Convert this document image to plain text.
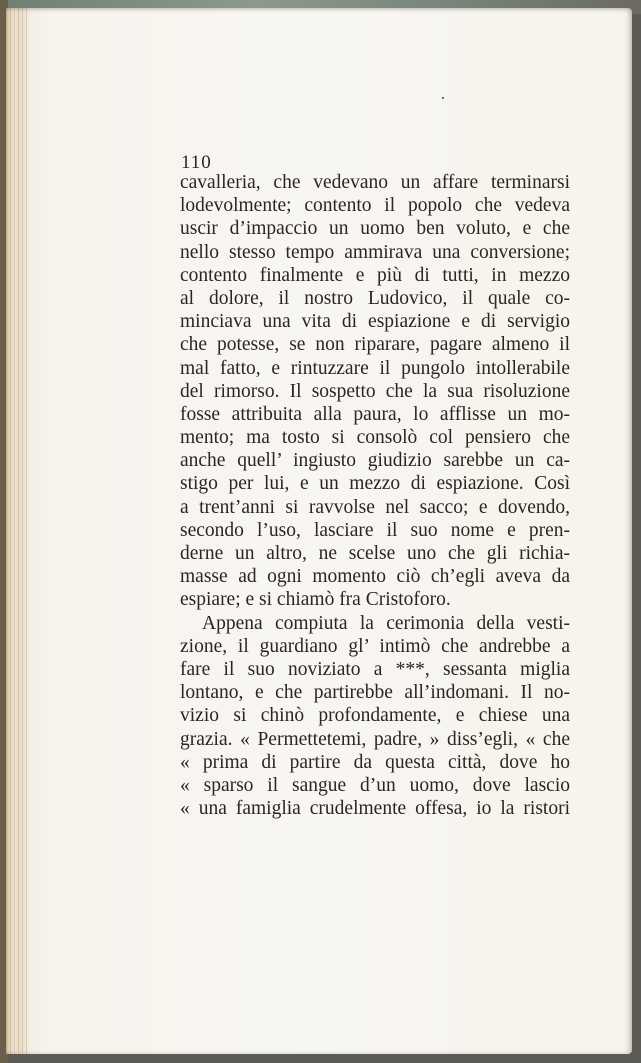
110
cavalleria, che vedevano un affare terminarsi
lodevolmente; contento il popolo che vedeva
uscir d’impaccio un uomo ben voluto, e che
nello stesso tempo ammirava una conversione;
contento finalmente e più di tutti, in mezzo
al dolore, il nostro Ludovico, il quale co-
minciava una vita di espiazione e di servigio
che potesse, se non riparare, pagare almeno il
mal fatto, e rintuzzare il pungolo intollerabile
del rimorso. Il sospetto che la sua risoluzione
fosse attribuita alla paura, lo afflisse un mo-
mento; ma tosto si consolò col pensiero che
anche quell’ ingiusto giudizio sarebbe un ca-
stigo per lui, e un mezzo di espiazione. Così
a trent’anni si ravvolse nel sacco; e dovendo,
secondo l’uso, lasciare il suo nome e pren-
derne un altro, ne scelse uno che gli richia-
masse ad ogni momento ciò ch’egli aveva da
espiare; e si chiamò fra Cristoforo.
Appena compiuta la cerimonia della vesti-
zione, il guardiano gl’ intimò che andrebbe a
fare il suo noviziato a ***, sessanta miglia
lontano, e che partirebbe all’indomani. Il no-
vizio si chinò profondamente, e chiese una
grazia. « Permettetemi, padre, » diss’egli, « che
« prima di partire da questa città, dove ho
« sparso il sangue d’un uomo, dove lascio
« una famiglia crudelmente offesa, io la ristori
